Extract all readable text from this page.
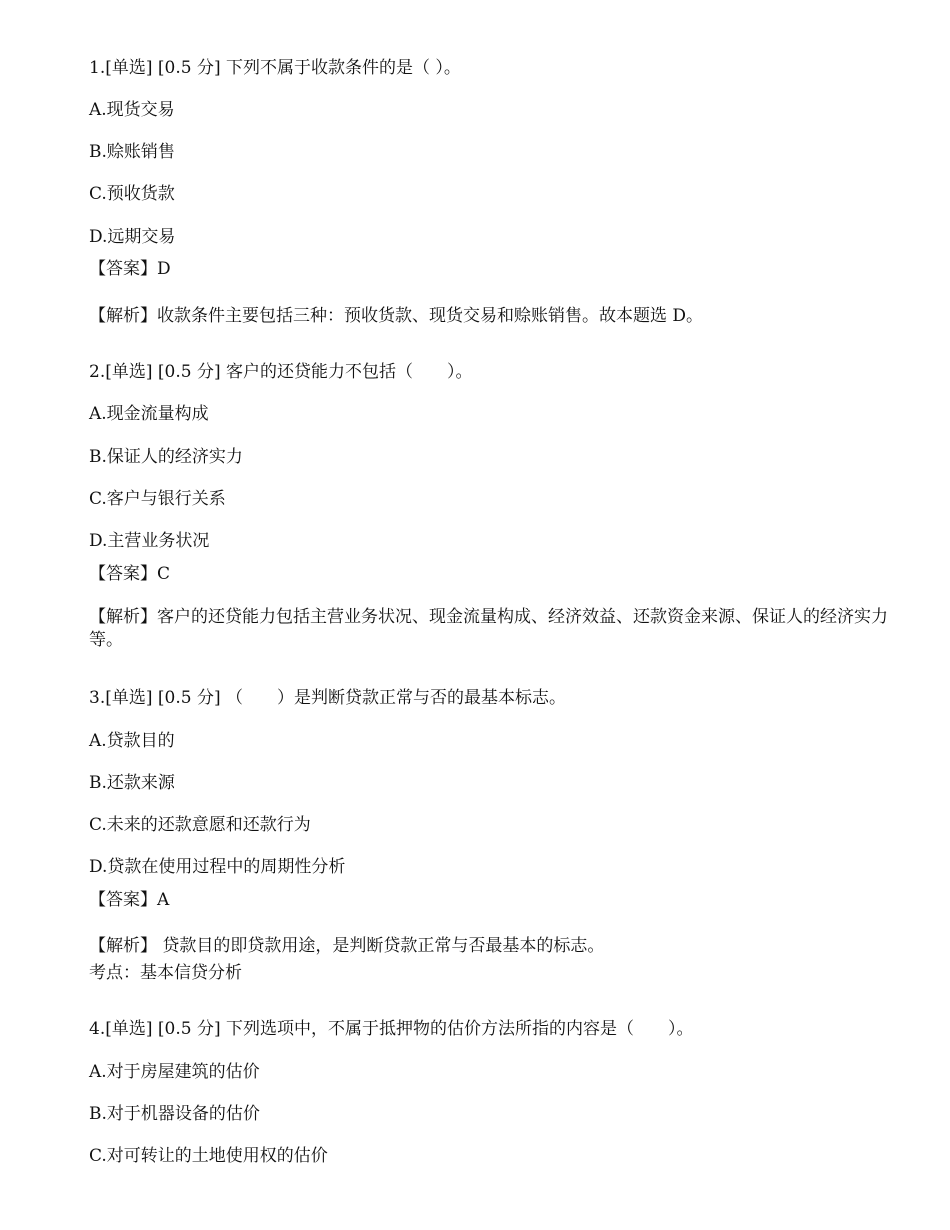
1.[单选] [0.5 分] 下列不属于收款条件的是（ ）。
A.现货交易
B.赊账销售
C.预收货款
D.远期交易
【答案】D
【解析】收款条件主要包括三种：预收货款、现货交易和赊账销售。故本题选 D。
2.[单选] [0.5 分] 客户的还贷能力不包括（　　）。
A.现金流量构成
B.保证人的经济实力
C.客户与银行关系
D.主营业务状况
【答案】C
【解析】客户的还贷能力包括主营业务状况、现金流量构成、经济效益、还款资金来源、保证人的经济实力等。
3.[单选] [0.5 分] （　　）是判断贷款正常与否的最基本标志。
A.贷款目的
B.还款来源
C.未来的还款意愿和还款行为
D.贷款在使用过程中的周期性分析
【答案】A
【解析】 贷款目的即贷款用途，是判断贷款正常与否最基本的标志。
考点：基本信贷分析
4.[单选] [0.5 分] 下列选项中，不属于抵押物的估价方法所指的内容是（　　）。
A.对于房屋建筑的估价
B.对于机器设备的估价
C.对可转让的土地使用权的估价
